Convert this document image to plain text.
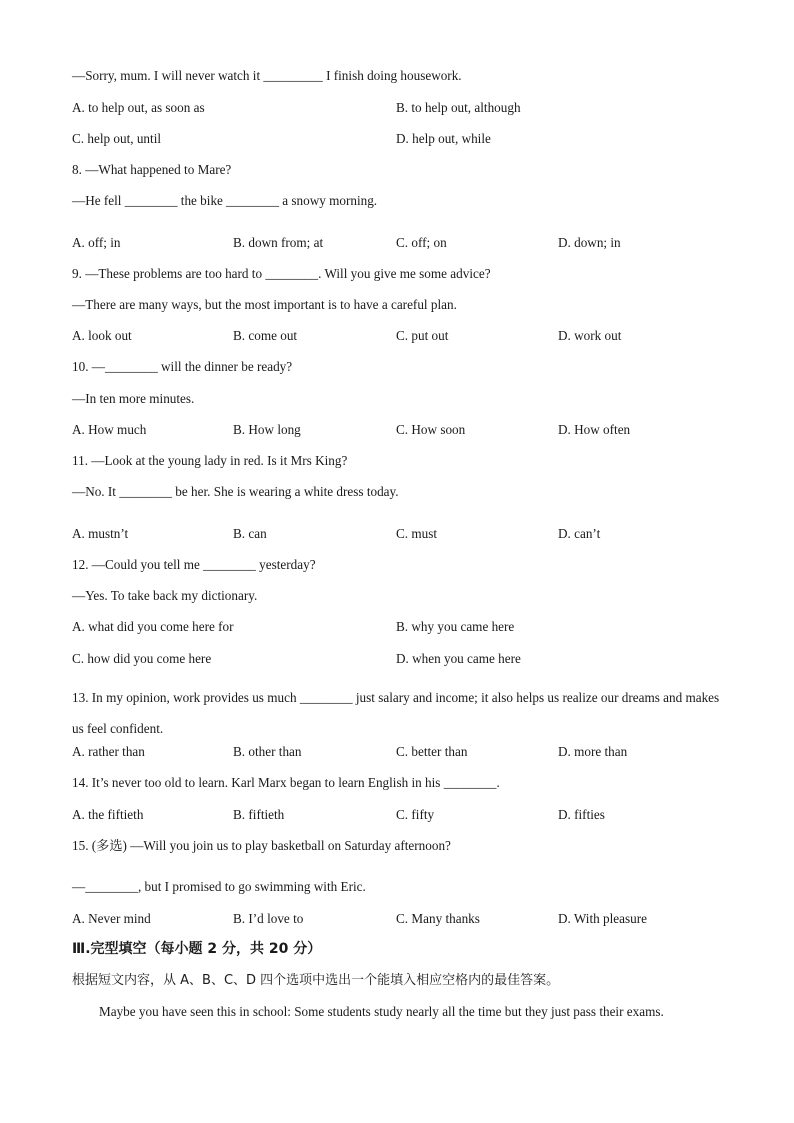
—Sorry, mum. I will never watch it _________ I finish doing housework.
A. to help out, as soon as	B. to help out, although
C. help out, until	D. help out, while
8. —What happened to Mare?
—He fell ________ the bike ________ a snowy morning.
A. off; in	B. down from; at	C. off; on	D. down; in
9. —These problems are too hard to ________. Will you give me some advice?
—There are many ways, but the most important is to have a careful plan.
A. look out	B. come out	C. put out	D. work out
10. —________ will the dinner be ready?
—In ten more minutes.
A. How much	B. How long	C. How soon	D. How often
11. —Look at the young lady in red. Is it Mrs King?
—No. It ________ be her. She is wearing a white dress today.
A. mustn’t	B. can	C. must	D. can’t
12. —Could you tell me ________ yesterday?
—Yes. To take back my dictionary.
A. what did you come here for	B. why you came here
C. how did you come here	D. when you came here
13. In my opinion, work provides us much ________ just salary and income; it also helps us realize our dreams and makes us feel confident.
A. rather than	B. other than	C. better than	D. more than
14. It’s never too old to learn. Karl Marx began to learn English in his ________.
A. the fiftieth	B. fiftieth	C. fifty	D. fifties
15. (多选) —Will you join us to play basketball on Saturday afternoon?
—________, but I promised to go swimming with Eric.
A. Never mind	B. I’d love to	C. Many thanks	D. With pleasure
Ⅲ.完型填空（每小题 2 分，共 20 分）
根据短文内容，从 A、B、C、D 四个选项中选出一个能填入相应空格内的最佳答案。
Maybe you have seen this in school: Some students study nearly all the time but they just pass their exams.
